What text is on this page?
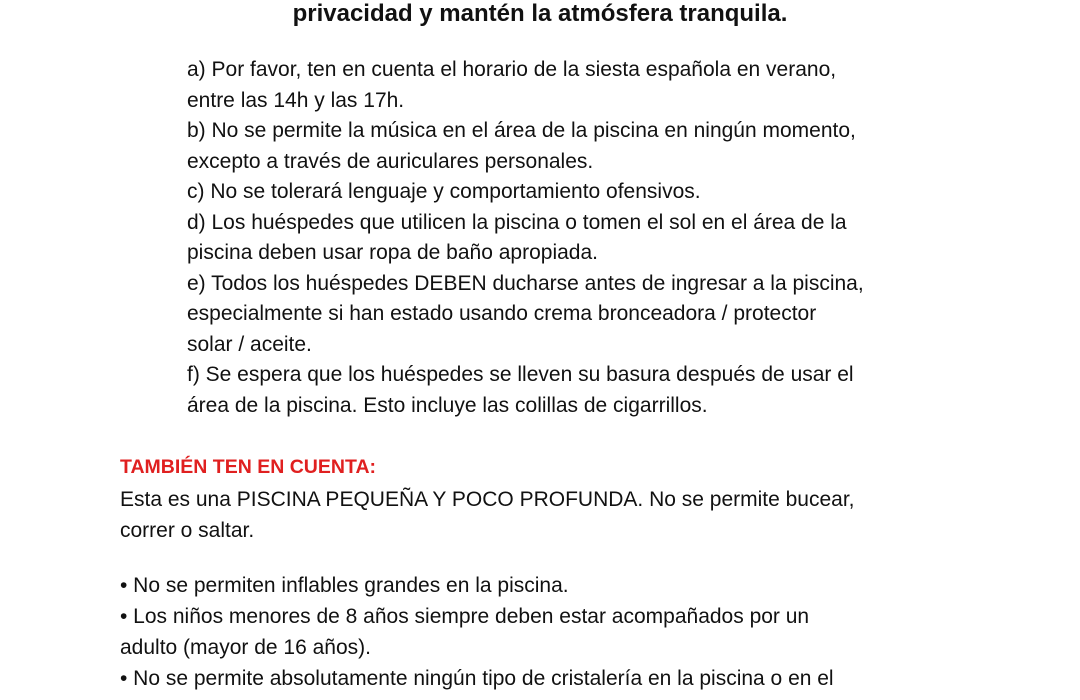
privacidad y mantén la atmósfera tranquila.

a) Por favor, ten en cuenta el horario de la siesta española en verano,
entre las 14h y las 17h.

b) No se permite la música en el área de la piscina en ningún momento,
excepto a través de auriculares personales.

c) No se tolerará lenguaje y comportamiento ofensivos.

d) Los huéspedes que utilicen la piscina o tomen el sol en el área de la
piscina deben usar ropa de baño apropiada.

e) Todos los huéspedes DEBEN ducharse antes de ingresar a la piscina,
especialmente si han estado usando crema bronceadora / protector
solar / aceite.

f) Se espera que los huéspedes se lleven su basura después de usar el
área de la piscina. Esto incluye las colillas de cigarrillos.

TAMBIÉN TEN EN CUENTA:

Esta es una PISCINA PEQUEÑA Y POCO PROFUNDA. No se permite bucear,
correr o saltar.

• No se permiten inflables grandes en la piscina.

• Los niños menores de 8 años siempre deben estar acompañados por un
adulto (mayor de 16 años).

• No se permite absolutamente ningún tipo de cristalería en la piscina o en el
